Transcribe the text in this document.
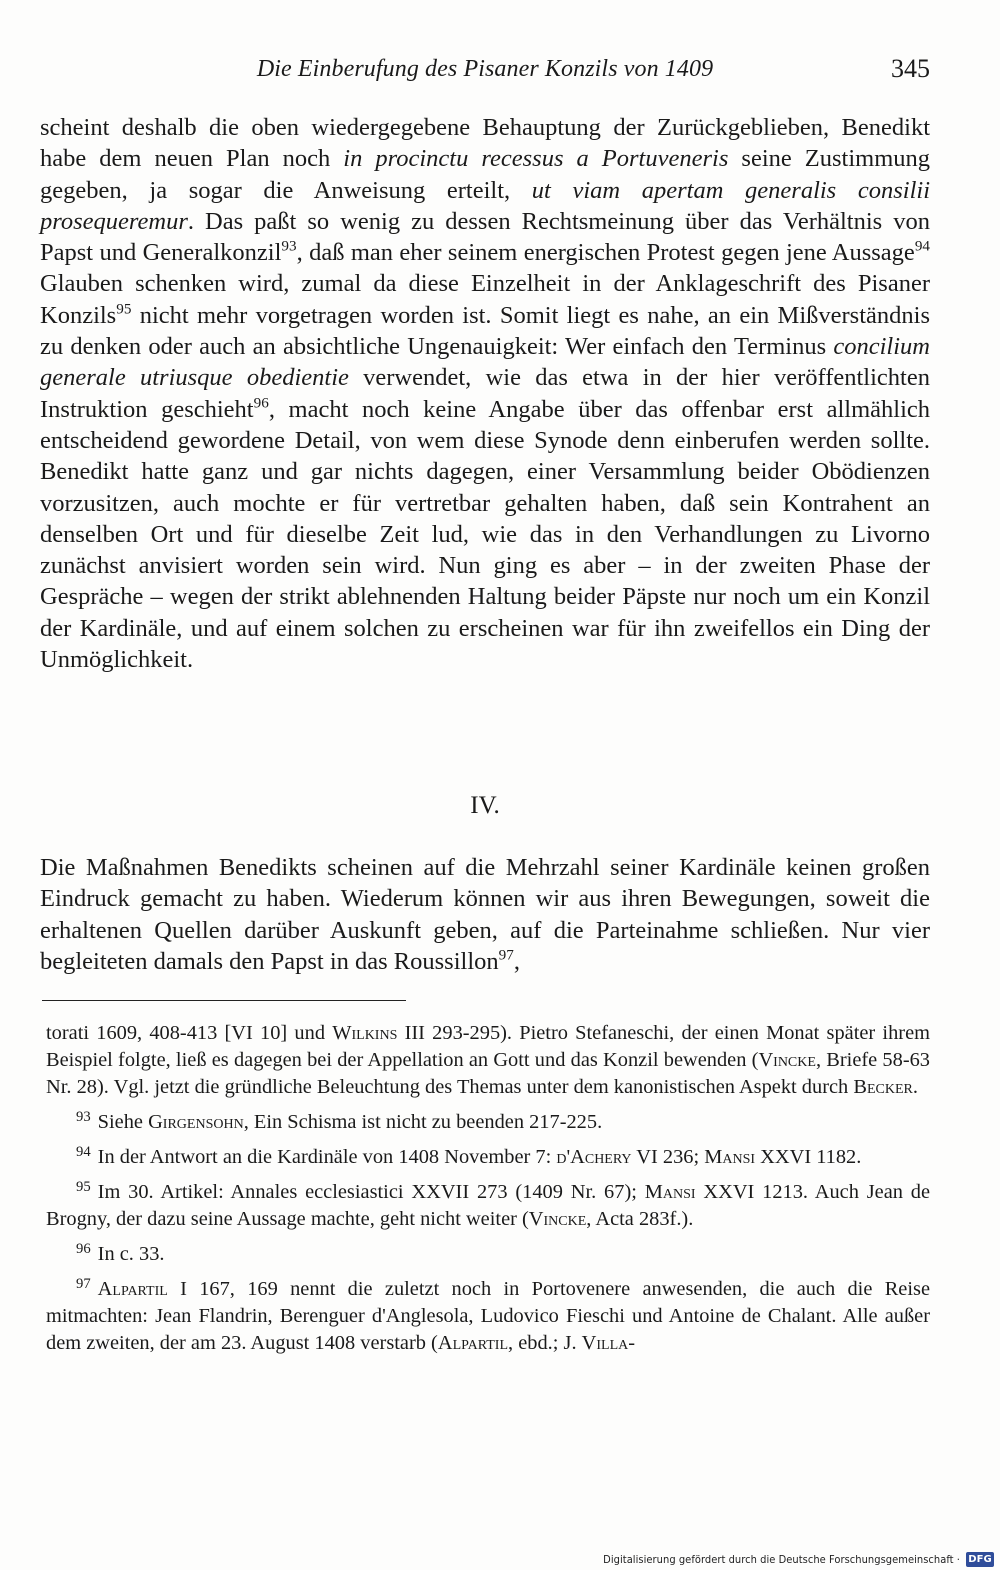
Die Einberufung des Pisaner Konzils von 1409	345

scheint deshalb die oben wiedergegebene Behauptung der Zurückgeblieben, Benedikt habe dem neuen Plan noch in procinctu recessus a Portuveneris seine Zustimmung gegeben, ja sogar die Anweisung erteilt, ut viam apertam generalis consilii prosequeremur. Das paßt so wenig zu dessen Rechtsmeinung über das Verhältnis von Papst und Generalkonzil$^{93}$, daß man eher seinem energischen Protest gegen jene Aussage$^{94}$ Glauben schenken wird, zumal da diese Einzelheit in der Anklageschrift des Pisaner Konzils$^{95}$ nicht mehr vorgetragen worden ist. Somit liegt es nahe, an ein Mißverständnis zu denken oder auch an absichtliche Ungenauigkeit: Wer einfach den Terminus concilium generale utriusque obedientie verwendet, wie das etwa in der hier veröffentlichten Instruktion geschieht$^{96}$, macht noch keine Angabe über das offenbar erst allmählich entscheidend gewordene Detail, von wem diese Synode denn einberufen werden sollte. Benedikt hatte ganz und gar nichts dagegen, einer Versammlung beider Obödienzen vorzusitzen, auch mochte er für vertretbar gehalten haben, daß sein Kontrahent an denselben Ort und für dieselbe Zeit lud, wie das in den Verhandlungen zu Livorno zunächst anvisiert worden sein wird. Nun ging es aber – in der zweiten Phase der Gespräche – wegen der strikt ablehnenden Haltung beider Päpste nur noch um ein Konzil der Kardinäle, und auf einem solchen zu erscheinen war für ihn zweifellos ein Ding der Unmöglichkeit.

IV.

Die Maßnahmen Benedikts scheinen auf die Mehrzahl seiner Kardinäle keinen großen Eindruck gemacht zu haben. Wiederum können wir aus ihren Bewegungen, soweit die erhaltenen Quellen darüber Auskunft geben, auf die Parteinahme schließen. Nur vier begleiteten damals den Papst in das Roussillon$^{97}$,

torati 1609, 408-413 [VI 10] und Wilkins III 293-295). Pietro Stefaneschi, der einen Monat später ihrem Beispiel folgte, ließ es dagegen bei der Appellation an Gott und das Konzil bewenden (Vincke, Briefe 58-63 Nr. 28). Vgl. jetzt die gründliche Beleuchtung des Themas unter dem kanonistischen Aspekt durch Becker.

$^{93}$ Siehe Girgensohn, Ein Schisma ist nicht zu beenden 217-225.

$^{94}$ In der Antwort an die Kardinäle von 1408 November 7: d'Achery VI 236; Mansi XXVI 1182.

$^{95}$ Im 30. Artikel: Annales ecclesiastici XXVII 273 (1409 Nr. 67); Mansi XXVI 1213. Auch Jean de Brogny, der dazu seine Aussage machte, geht nicht weiter (Vincke, Acta 283f.).

$^{96}$ In c. 33.

$^{97}$ Alpartil I 167, 169 nennt die zuletzt noch in Portovenere anwesenden, die auch die Reise mitmachten: Jean Flandrin, Berenguer d'Anglesola, Ludovico Fieschi und Antoine de Chalant. Alle außer dem zweiten, der am 23. August 1408 verstarb (Alpartil, ebd.; J. Villa-

Digitalisierung gefördert durch die Deutsche Forschungsgemeinschaft · DFG
